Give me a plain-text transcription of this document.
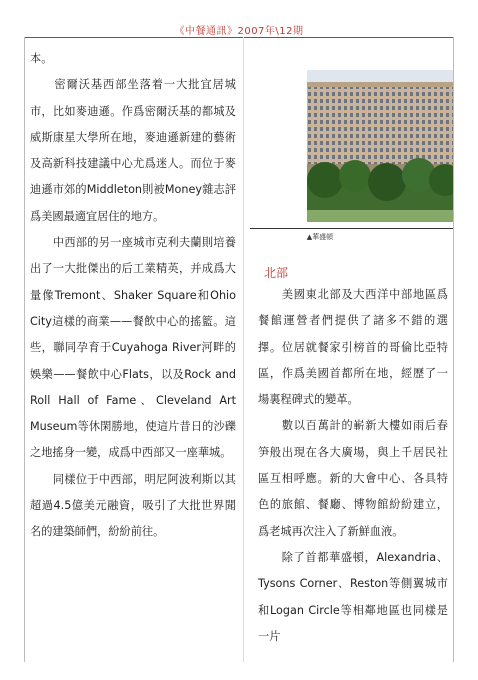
《中餐通訊》2007年\12期

本。

　　密爾沃基西部坐落着一大批宜居城市，比如麥迪遜。作爲密爾沃基的都城及威斯康星大學所在地，麥迪遜新建的藝術及高新科技建議中心尤爲迷人。而位于麥迪遜市郊的Middleton則被Money雜志評爲美國最適宜居住的地方。

　　中西部的另一座城市克利夫蘭則培養出了一大批傑出的后工業精英，并成爲大量像Tremont、Shaker Square和Ohio City這樣的商業——餐飲中心的搖籃。這些，聯同孕育于Cuyahoga River河畔的娛樂——餐飲中心Flats，以及Rock and Roll Hall of Fame、Cleveland Art Museum等休閑勝地，使這片昔日的沙礫之地搖身一變，成爲中西部又一座華城。

　　同樣位于中西部，明尼阿波利斯以其超過4.5億美元融資，吸引了大批世界聞名的建築師們，紛紛前往。

▲華盛頓
北部

　　美國東北部及大西洋中部地區爲餐館運營者們提供了諸多不錯的選擇。位居就餐家引榜首的哥倫比亞特區，作爲美國首都所在地，經歷了一場裏程碑式的變革。

　　數以百萬計的嶄新大樓如雨后春笋般出現在各大廣場，與上千居民社區互相呼應。新的大會中心、各具特色的旅館、餐廳、博物館紛紛建立，爲老城再次注入了新鮮血液。

　　除了首都華盛頓，Alexandria、Tysons Corner、Reston等側翼城市和Logan Circle等相鄰地區也同樣是一片
